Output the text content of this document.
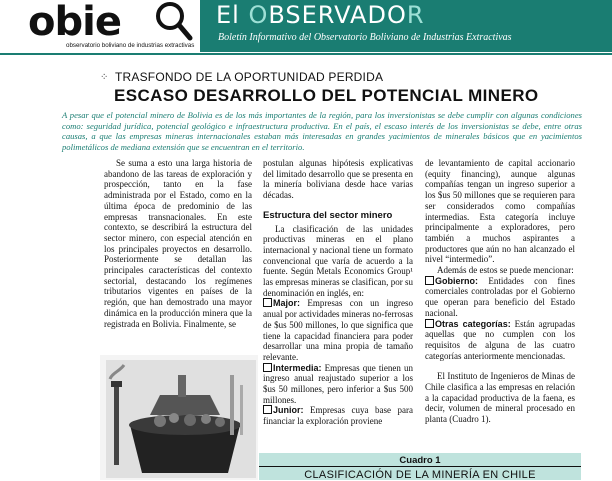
obie
observatorio boliviano de industrias extractivas
El OBSERVADOR
Boletín Informativo del Observatorio Boliviano de Industrias Extractivas
⁘ TRASFONDO DE LA OPORTUNIDAD PERDIDA
ESCASO DESARROLLO DEL POTENCIAL MINERO
A pesar que el potencial minero de Bolivia es de los más importantes de la región, para los inversionistas se debe cumplir con algunas condiciones como: seguridad jurídica, potencial geológico e infraestructura productiva. En el país, el escaso interés de los inversionistas se debe, entre otras causas, a que las empresas mineras internacionales estaban más interesadas en grandes yacimientos de minerales básicos que en yacimientos polimetálicos de mediana extensión que se encuentran en el territorio.

Se suma a esto una larga historia de abandono de las tareas de exploración y prospección, tanto en la fase administrada por el Estado, como en la última época de predominio de las empresas transnacionales. En este contexto, se describirá la estructura del sector minero, con especial atención en los principales proyectos en desarrollo. Posteriormente se detallan las principales características del contexto sectorial, destacando los regímenes tributarios vigentes en países de la región, que han demostrado una mayor dinámica en la producción minera que la registrada en Bolivia. Finalmente, se

postulan algunas hipótesis explicativas del limitado desarrollo que se presenta en la minería boliviana desde hace varias décadas.

Estructura del sector minero

La clasificación de las unidades productivas mineras en el plano internacional y nacional tiene un formato convencional que varía de acuerdo a la fuente. Según Metals Economics Group¹ las empresas mineras se clasifican, por su denominación en inglés, en:

Major: Empresas con un ingreso anual por actividades mineras no-ferrosas de $us 500 millones, lo que significa que tiene la capacidad financiera para poder desarrollar una mina propia de tamaño relevante.

Intermedia: Empresas que tienen un ingreso anual reajustado superior a los $us 50 millones, pero inferior a $us 500 millones.

Junior: Empresas cuya base para financiar la exploración proviene

de levantamiento de capital accionario (equity financing), aunque algunas compañías tengan un ingreso superior a los $us 50 millones que se requieren para ser considerados como compañías intermedias. Esta categoría incluye principalmente a exploradores, pero también a muchos aspirantes a productores que aún no han alcanzado el nivel “intermedio”.

Además de estos se puede mencionar:

Gobierno: Entidades con fines comerciales controladas por el Gobierno que operan para beneficio del Estado nacional.

Otras categorías: Están agrupadas aquellas que no cumplen con los requisitos de alguna de las cuatro categorías anteriormente mencionadas.

El Instituto de Ingenieros de Minas de Chile clasifica a las empresas en relación a la capacidad productiva de la faena, es decir, volumen de mineral procesado en planta (Cuadro 1).

Cuadro 1
CLASIFICACIÓN DE LA MINERÍA EN CHILE
